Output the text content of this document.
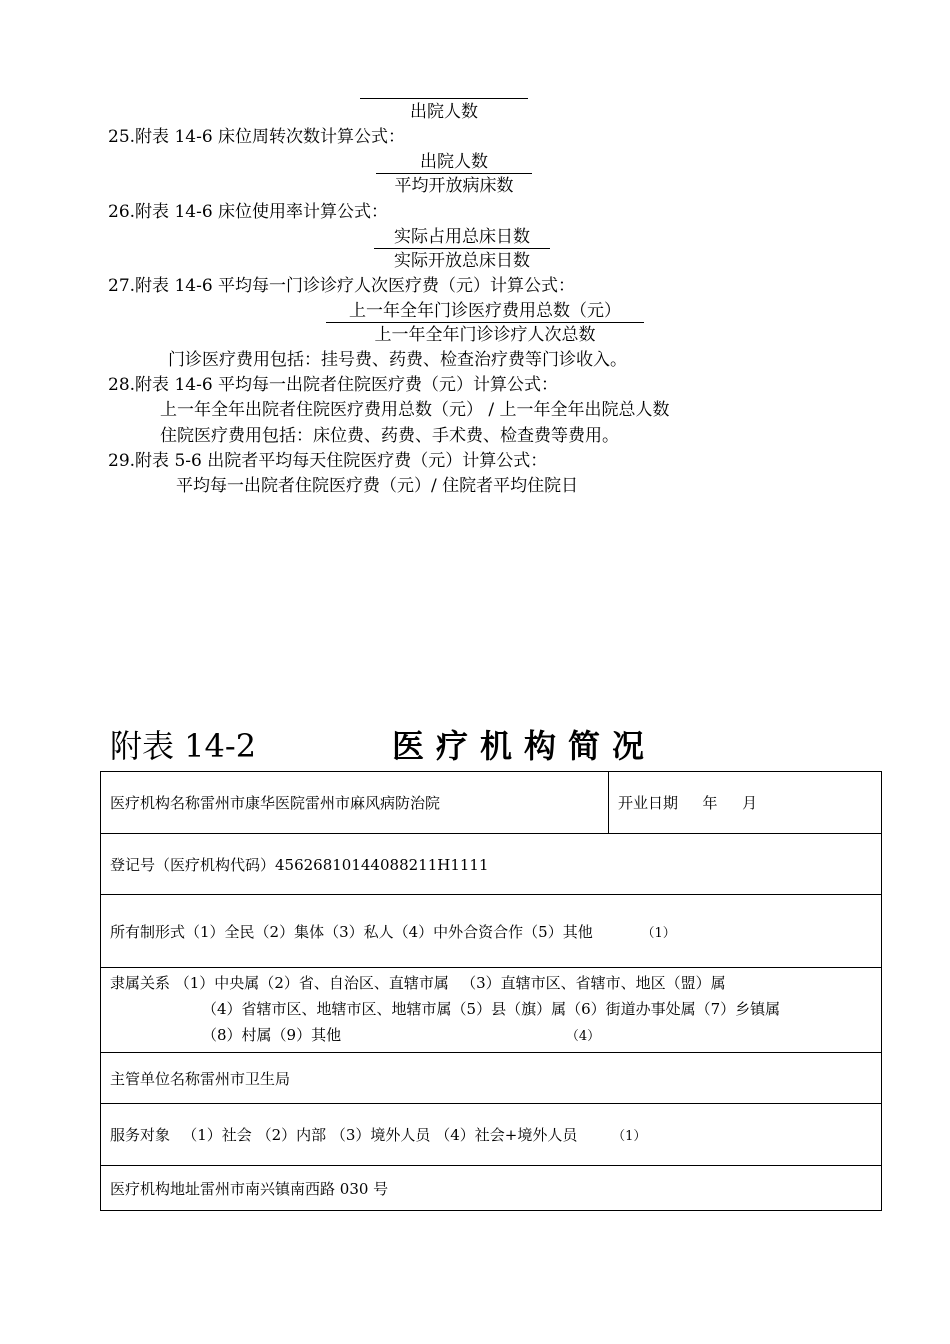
出院人数
25.附表 14-6 床位周转次数计算公式：
出院人数
平均开放病床数
26.附表 14-6 床位使用率计算公式：
实际占用总床日数
实际开放总床日数
27.附表 14-6 平均每一门诊诊疗人次医疗费（元）计算公式：
上一年全年门诊医疗费用总数（元）
上一年全年门诊诊疗人次总数
门诊医疗费用包括：挂号费、药费、检查治疗费等门诊收入。
28.附表 14-6 平均每一出院者住院医疗费（元）计算公式：
上一年全年出院者住院医疗费用总数（元） / 上一年全年出院总人数
住院医疗费用包括：床位费、药费、手术费、检查费等费用。
29.附表 5-6 出院者平均每天住院医疗费（元）计算公式：
平均每一出院者住院医疗费（元）/ 住院者平均住院日
附表 14-2	医疗机构简况
医疗机构名称雷州市康华医院雷州市麻风病防治院	开业日期 　 年 　 月
登记号（医疗机构代码）45626810144088211H1111
所有制形式（1）全民（2）集体（3）私人（4）中外合资合作（5）其他	（1）

隶属关系 （1）中央属（2）省、自治区、直辖市属 　（3）直辖市区、省辖市、地区（盟）属
（4）省辖市区、地辖市区、地辖市属（5）县（旗）属（6）街道办事处属（7）乡镇属
（8）村属（9）其他	（4）

主管单位名称雷州市卫生局
服务对象 　（1）社会 （2）内部 （3）境外人员 （4）社会+境外人员	（1）
医疗机构地址雷州市南兴镇南西路 030 号
